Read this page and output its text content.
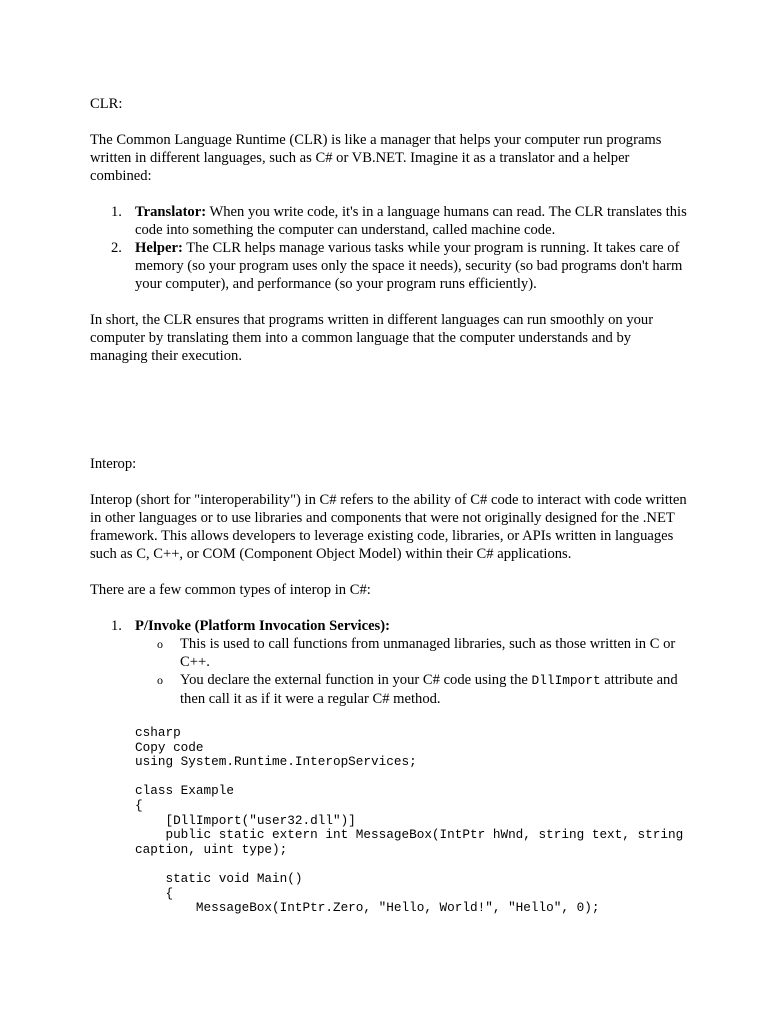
CLR:

The Common Language Runtime (CLR) is like a manager that helps your computer run programs written in different languages, such as C# or VB.NET. Imagine it as a translator and a helper combined:

1. Translator: When you write code, it's in a language humans can read. The CLR translates this code into something the computer can understand, called machine code.
2. Helper: The CLR helps manage various tasks while your program is running. It takes care of memory (so your program uses only the space it needs), security (so bad programs don't harm your computer), and performance (so your program runs efficiently).

In short, the CLR ensures that programs written in different languages can run smoothly on your computer by translating them into a common language that the computer understands and by managing their execution.

Interop:

Interop (short for "interoperability") in C# refers to the ability of C# code to interact with code written in other languages or to use libraries and components that were not originally designed for the .NET framework. This allows developers to leverage existing code, libraries, or APIs written in languages such as C, C++, or COM (Component Object Model) within their C# applications.

There are a few common types of interop in C#:

1. P/Invoke (Platform Invocation Services):
o This is used to call functions from unmanaged libraries, such as those written in C or C++.
o You declare the external function in your C# code using the DllImport attribute and then call it as if it were a regular C# method.
csharp
Copy code
using System.Runtime.InteropServices;
class Example
{
[DllImport("user32.dll")]
public static extern int MessageBox(IntPtr hWnd, string text, string
caption, uint type);
static void Main()
{
MessageBox(IntPtr.Zero, "Hello, World!", "Hello", 0);
